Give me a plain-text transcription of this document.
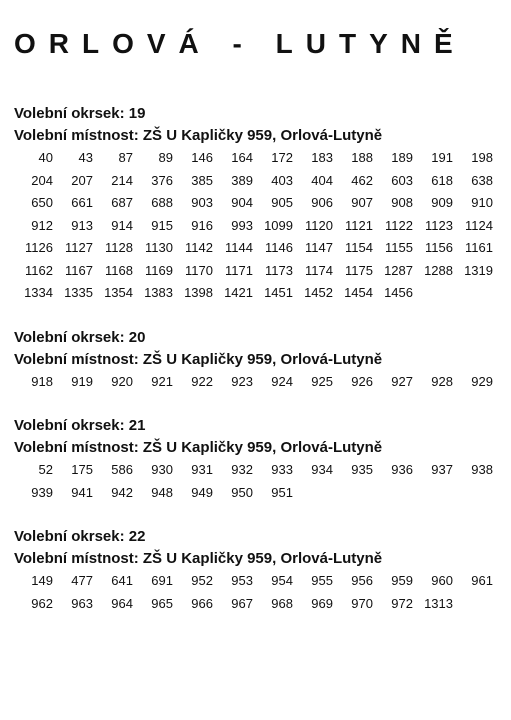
ORLOVÁ - LUTYNĚ
Volební okrsek: 19
Volební místnost: ZŠ U Kapličky 959, Orlová-Lutyně
40	43	87	89	146	164	172	183	188	189	191	198
204	207	214	376	385	389	403	404	462	603	618	638
650	661	687	688	903	904	905	906	907	908	909	910
912	913	914	915	916	993 1099 1120 1121 1122 1123 1124
1126 1127 1128 1130 1142 1144 1146 1147 1154 1155 1156 1161
1162 1167 1168 1169 1170 1171 1173 1174 1175 1287 1288 1319
1334 1335 1354 1383 1398 1421 1451 1452 1454 1456
Volební okrsek: 20
Volební místnost: ZŠ U Kapličky 959, Orlová-Lutyně
918	919	920	921	922	923	924	925	926	927	928	929
Volební okrsek: 21
Volební místnost: ZŠ U Kapličky 959, Orlová-Lutyně
52	175	586	930	931	932	933	934	935	936	937	938
939	941	942	948	949	950	951
Volební okrsek: 22
Volební místnost: ZŠ U Kapličky 959, Orlová-Lutyně
149	477	641	691	952	953	954	955	956	959	960	961
962	963	964	965	966	967	968	969	970	972 1313
